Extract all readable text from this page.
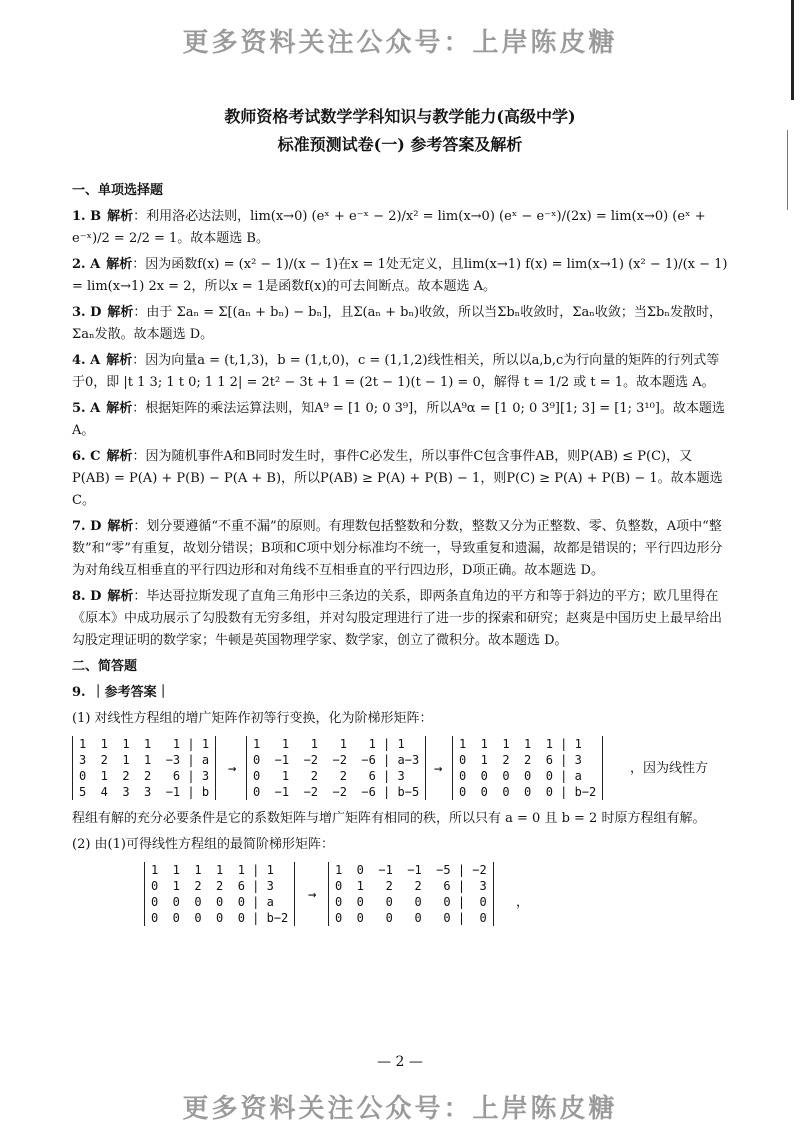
更多资料关注公众号：上岸陈皮糖
教师资格考试数学学科知识与教学能力(高级中学)
标准预测试卷(一) 参考答案及解析
一、单项选择题
1. B 解析：利用洛必达法则，lim(x→0) (eˣ + e⁻ˣ − 2)/x² = lim(x→0) (eˣ − e⁻ˣ)/(2x) = lim(x→0) (eˣ + e⁻ˣ)/2 = 2/2 = 1。故本题选 B。
2. A 解析：因为函数f(x) = (x² − 1)/(x − 1)在x = 1处无定义，且lim(x→1) f(x) = lim(x→1) (x² − 1)/(x − 1) = lim(x→1) 2x = 2，所以x = 1是函数f(x)的可去间断点。故本题选 A。
3. D 解析：由于 Σaₙ = Σ[(aₙ + bₙ) − bₙ]，且Σ(aₙ + bₙ)收敛，所以当Σbₙ收敛时，Σaₙ收敛；当Σbₙ发散时，Σaₙ发散。故本题选 D。
4. A 解析：因为向量a = (t,1,3)，b = (1,t,0)，c = (1,1,2)线性相关，所以以a,b,c为行向量的矩阵的行列式等于0，即 |t 1 3; 1 t 0; 1 1 2| = 2t² − 3t + 1 = (2t − 1)(t − 1) = 0，解得 t = 1/2 或 t = 1。故本题选 A。
5. A 解析：根据矩阵的乘法运算法则，知A⁹ = [1 0; 0 3⁹]，所以A⁹α = [1 0; 0 3⁹][1; 3] = [1; 3¹⁰]。故本题选 A。
6. C 解析：因为随机事件A和B同时发生时，事件C必发生，所以事件C包含事件AB，则P(AB) ≤ P(C)，又 P(AB) = P(A) + P(B) − P(A + B)，所以P(AB) ≥ P(A) + P(B) − 1，则P(C) ≥ P(A) + P(B) − 1。故本题选 C。
7. D 解析：划分要遵循“不重不漏”的原则。有理数包括整数和分数，整数又分为正整数、零、负整数，A项中“整数”和“零”有重复，故划分错误；B项和C项中划分标准均不统一，导致重复和遗漏，故都是错误的；平行四边形分为对角线互相垂直的平行四边形和对角线不互相垂直的平行四边形，D项正确。故本题选 D。
8. D 解析：毕达哥拉斯发现了直角三角形中三条边的关系，即两条直角边的平方和等于斜边的平方；欧几里得在《原本》中成功展示了勾股数有无穷多组，并对勾股定理进行了进一步的探索和研究；赵爽是中国历史上最早给出勾股定理证明的数学家；牛顿是英国物理学家、数学家，创立了微积分。故本题选 D。
二、简答题
9. ｜参考答案｜
(1) 对线性方程组的增广矩阵作初等行变换，化为阶梯形矩阵：
1  1  1  1   1 | 1
3  2  1  1  −3 | a
0  1  2  2   6 | 3
5  4  3  3  −1 | b
→
1   1   1   1   1 | 1
0  −1  −2  −2  −6 | a−3
0   1   2   2   6 | 3
0  −1  −2  −2  −6 | b−5
→
1  1  1  1  1 | 1
0  1  2  2  6 | 3
0  0  0  0  0 | a
0  0  0  0  0 | b−2
，因为线性方
程组有解的充分必要条件是它的系数矩阵与增广矩阵有相同的秩，所以只有 a = 0 且 b = 2 时原方程组有解。
(2) 由(1)可得线性方程组的最简阶梯形矩阵：
1  1  1  1  1 | 1
0  1  2  2  6 | 3
0  0  0  0  0 | a
0  0  0  0  0 | b−2
→
1  0  −1  −1  −5 | −2
0  1   2   2   6 |  3
0  0   0   0   0 |  0
0  0   0   0   0 |  0
，
— 2 —
更多资料关注公众号：上岸陈皮糖
